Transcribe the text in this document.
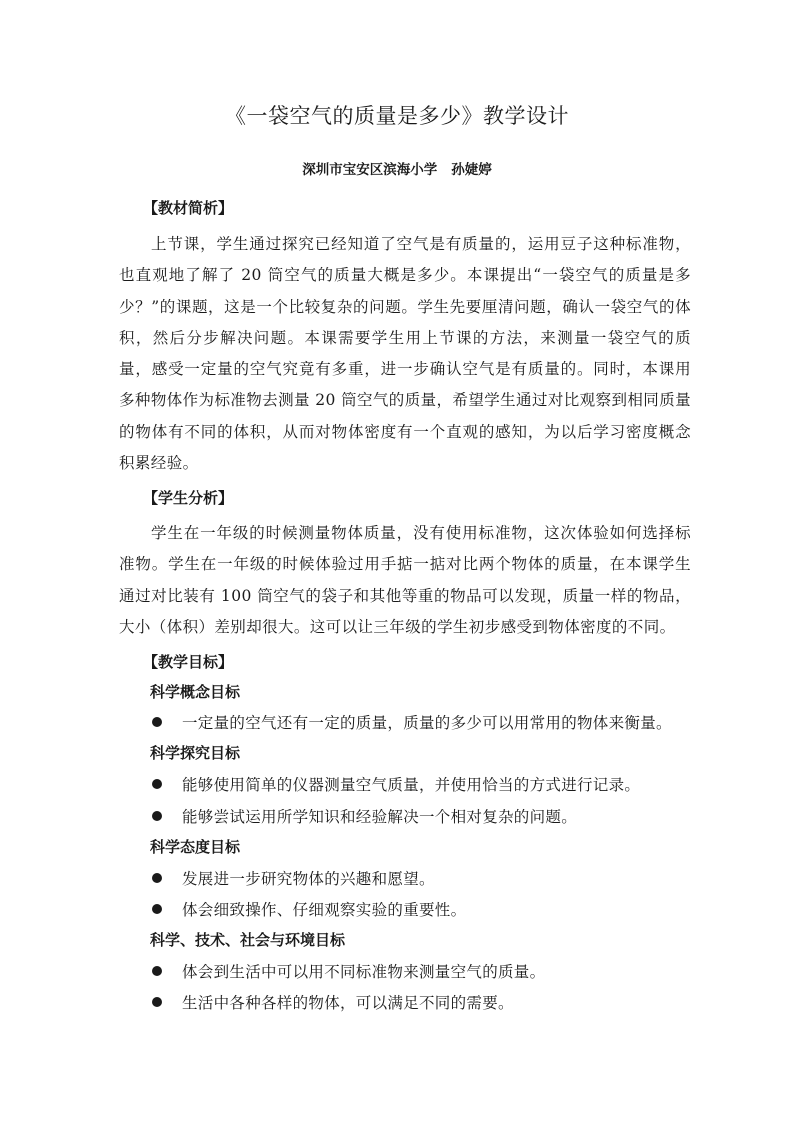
《一袋空气的质量是多少》教学设计
深圳市宝安区滨海小学 孙婕婷
【教材简析】
上节课，学生通过探究已经知道了空气是有质量的，运用豆子这种标准物，也直观地了解了 20 筒空气的质量大概是多少。本课提出“一袋空气的质量是多少？”的课题，这是一个比较复杂的问题。学生先要厘清问题，确认一袋空气的体积，然后分步解决问题。本课需要学生用上节课的方法，来测量一袋空气的质量，感受一定量的空气究竟有多重，进一步确认空气是有质量的。同时，本课用多种物体作为标准物去测量 20 筒空气的质量，希望学生通过对比观察到相同质量的物体有不同的体积，从而对物体密度有一个直观的感知，为以后学习密度概念积累经验。
【学生分析】
学生在一年级的时候测量物体质量，没有使用标准物，这次体验如何选择标准物。学生在一年级的时候体验过用手掂一掂对比两个物体的质量，在本课学生通过对比装有 100 筒空气的袋子和其他等重的物品可以发现，质量一样的物品，大小（体积）差别却很大。这可以让三年级的学生初步感受到物体密度的不同。
【教学目标】
科学概念目标
一定量的空气还有一定的质量，质量的多少可以用常用的物体来衡量。
科学探究目标
能够使用简单的仪器测量空气质量，并使用恰当的方式进行记录。
能够尝试运用所学知识和经验解决一个相对复杂的问题。
科学态度目标
发展进一步研究物体的兴趣和愿望。
体会细致操作、仔细观察实验的重要性。
科学、技术、社会与环境目标
体会到生活中可以用不同标准物来测量空气的质量。
生活中各种各样的物体，可以满足不同的需要。
